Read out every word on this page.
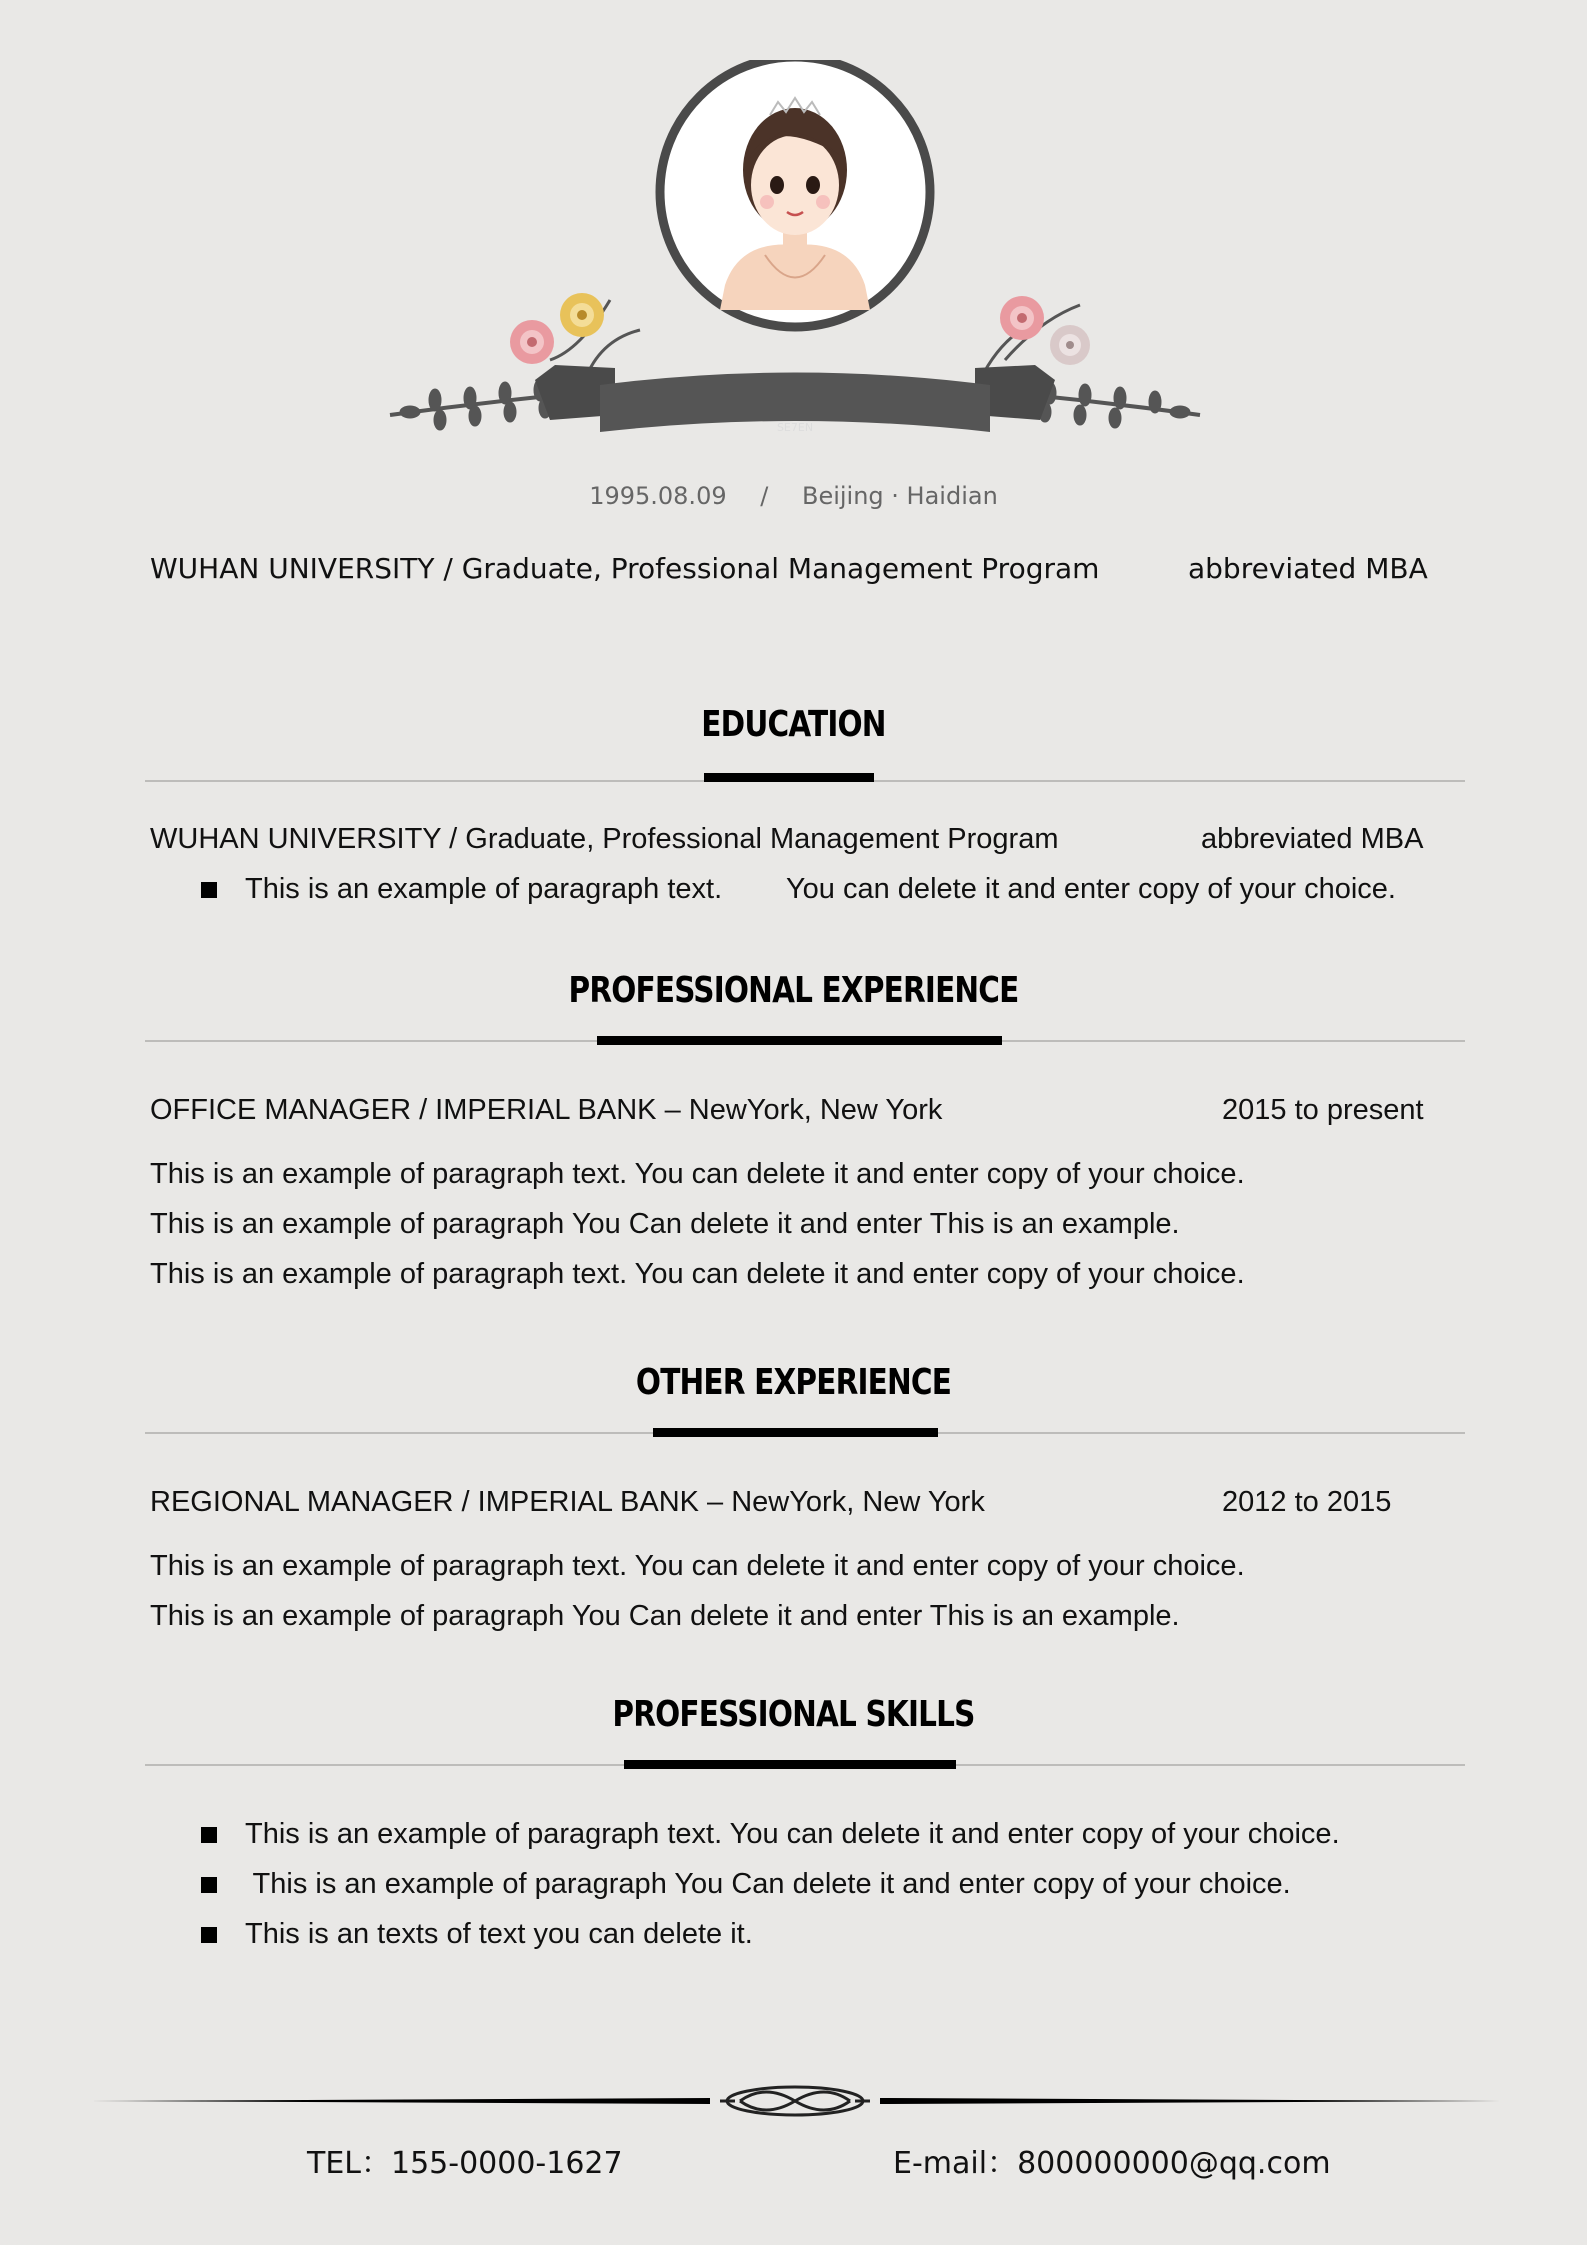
SE7EN
1995.08.09 / Beijing · Haidian
WUHAN UNIVERSITY / Graduate, Professional Management Program	abbreviated MBA
EDUCATION
WUHAN UNIVERSITY / Graduate, Professional Management Program	abbreviated MBA
This is an example of paragraph text. You can delete it and enter copy of your choice.
PROFESSIONAL EXPERIENCE
OFFICE MANAGER / IMPERIAL BANK – NewYork, New York	2015 to present
This is an example of paragraph text. You can delete it and enter copy of your choice.
This is an example of paragraph You Can delete it and enter This is an example.
This is an example of paragraph text. You can delete it and enter copy of your choice.
OTHER EXPERIENCE
REGIONAL MANAGER / IMPERIAL BANK – NewYork, New York	2012 to 2015
This is an example of paragraph text. You can delete it and enter copy of your choice.
This is an example of paragraph You Can delete it and enter This is an example.
PROFESSIONAL SKILLS
This is an example of paragraph text. You can delete it and enter copy of your choice.
This is an example of paragraph You Can delete it and enter copy of your choice.
This is an texts of text you can delete it.
TEL：155-0000-1627	E-mail：800000000@qq.com
